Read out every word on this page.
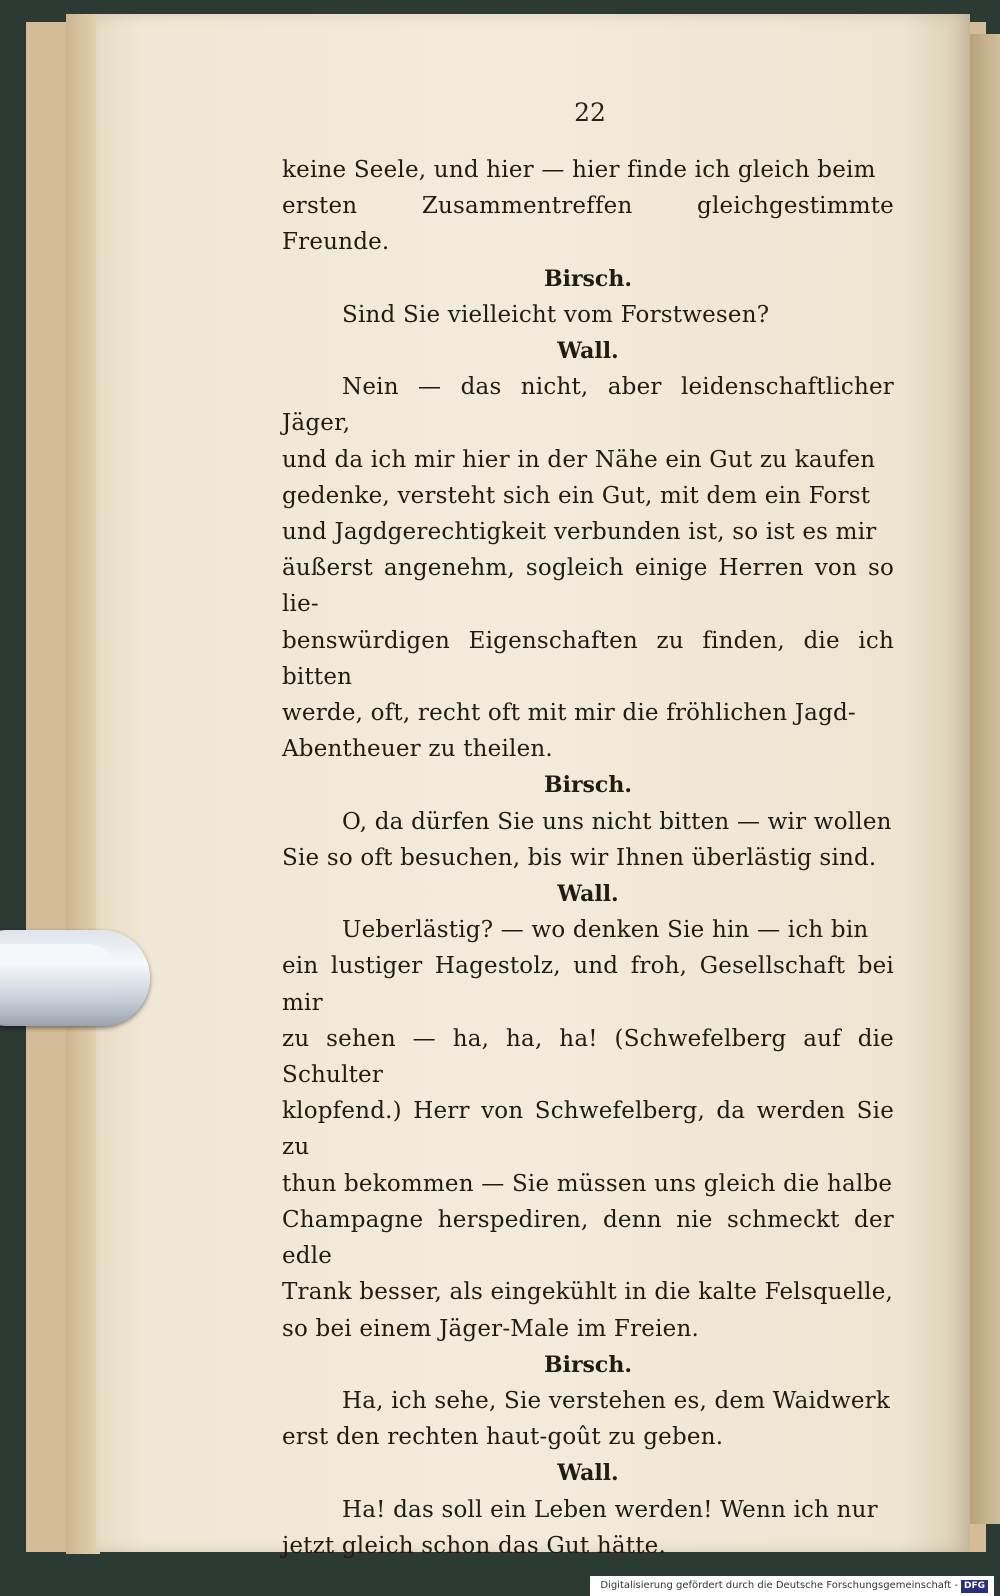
22

keine Seele, und hier — hier finde ich gleich beim

ersten Zusammentreffen gleichgestimmte Freunde.

Birsch.

Sind Sie vielleicht vom Forstwesen?

Wall.

Nein — das nicht, aber leidenschaftlicher Jäger,

und da ich mir hier in der Nähe ein Gut zu kaufen

gedenke, versteht sich ein Gut, mit dem ein Forst

und Jagdgerechtigkeit verbunden ist, so ist es mir

äußerst angenehm, sogleich einige Herren von so lie-

benswürdigen Eigenschaften zu finden, die ich bitten

werde, oft, recht oft mit mir die fröhlichen Jagd-

Abentheuer zu theilen.

Birsch.

O, da dürfen Sie uns nicht bitten — wir wollen

Sie so oft besuchen, bis wir Ihnen überlästig sind.

Wall.

Ueberlästig? — wo denken Sie hin — ich bin

ein lustiger Hagestolz, und froh, Gesellschaft bei mir

zu sehen — ha, ha, ha! (Schwefelberg auf die Schulter

klopfend.) Herr von Schwefelberg, da werden Sie zu

thun bekommen — Sie müssen uns gleich die halbe

Champagne herspediren, denn nie schmeckt der edle

Trank besser, als eingekühlt in die kalte Felsquelle,

so bei einem Jäger-Male im Freien.

Birsch.

Ha, ich sehe, Sie verstehen es, dem Waidwerk

erst den rechten haut-goût zu geben.

Wall.

Ha! das soll ein Leben werden! Wenn ich nur

jetzt gleich schon das Gut hätte.

Digitalisierung gefördert durch die Deutsche Forschungsgemeinschaft - DFG
